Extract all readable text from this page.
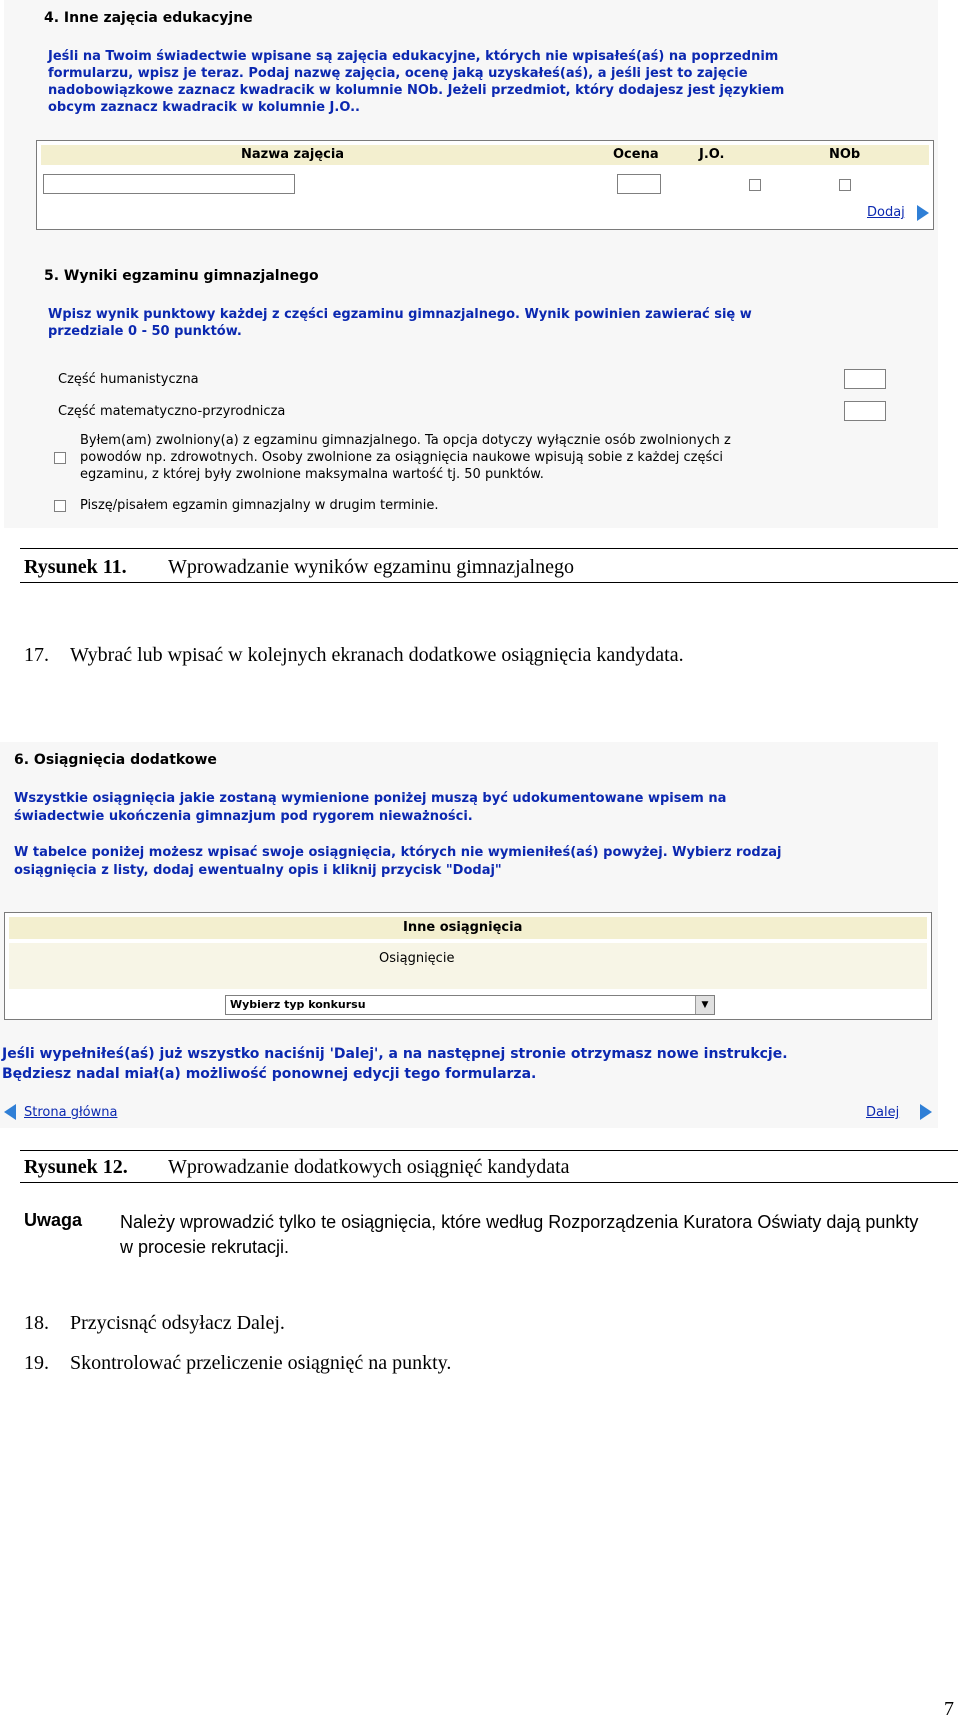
4. Inne zajęcia edukacyjne
Jeśli na Twoim świadectwie wpisane są zajęcia edukacyjne, których nie wpisałeś(aś) na poprzednim
formularzu, wpisz je teraz. Podaj nazwę zajęcia, ocenę jaką uzyskałeś(aś), a jeśli jest to zajęcie
nadobowiązkowe zaznacz kwadracik w kolumnie NOb. Jeżeli przedmiot, który dodajesz jest językiem
obcym zaznacz kwadracik w kolumnie J.O..
Nazwa zajęcia	Ocena	J.O.	NOb
Dodaj
5. Wyniki egzaminu gimnazjalnego
Wpisz wynik punktowy każdej z części egzaminu gimnazjalnego. Wynik powinien zawierać się w
przedziale 0 - 50 punktów.
Część humanistyczna
Część matematyczno-przyrodnicza
Byłem(am) zwolniony(a) z egzaminu gimnazjalnego. Ta opcja dotyczy wyłącznie osób zwolnionych z
powodów np. zdrowotnych. Osoby zwolnione za osiągnięcia naukowe wpisują sobie z każdej części
egzaminu, z której były zwolnione maksymalna wartość tj. 50 punktów.
Piszę/pisałem egzamin gimnazjalny w drugim terminie.
Rysunek 11. Wprowadzanie wyników egzaminu gimnazjalnego
17. Wybrać lub wpisać w kolejnych ekranach dodatkowe osiągnięcia kandydata.
6. Osiągnięcia dodatkowe
Wszystkie osiągnięcia jakie zostaną wymienione poniżej muszą być udokumentowane wpisem na
świadectwie ukończenia gimnazjum pod rygorem nieważności.
W tabelce poniżej możesz wpisać swoje osiągnięcia, których nie wymieniłeś(aś) powyżej. Wybierz rodzaj
osiągnięcia z listy, dodaj ewentualny opis i kliknij przycisk "Dodaj"
Inne osiągnięcia
Osiągnięcie
Wybierz typ konkursu	▼
Jeśli wypełniłeś(aś) już wszystko naciśnij 'Dalej', a na następnej stronie otrzymasz nowe instrukcje.
Będziesz nadal miał(a) możliwość ponownej edycji tego formularza.
Strona główna	Dalej
Rysunek 12. Wprowadzanie dodatkowych osiągnięć kandydata
Uwaga Należy wprowadzić tylko te osiągnięcia, które według Rozporządzenia Kuratora Oświaty dają punkty
w procesie rekrutacji.
18. Przycisnąć odsyłacz Dalej.
19. Skontrolować przeliczenie osiągnięć na punkty.
7
